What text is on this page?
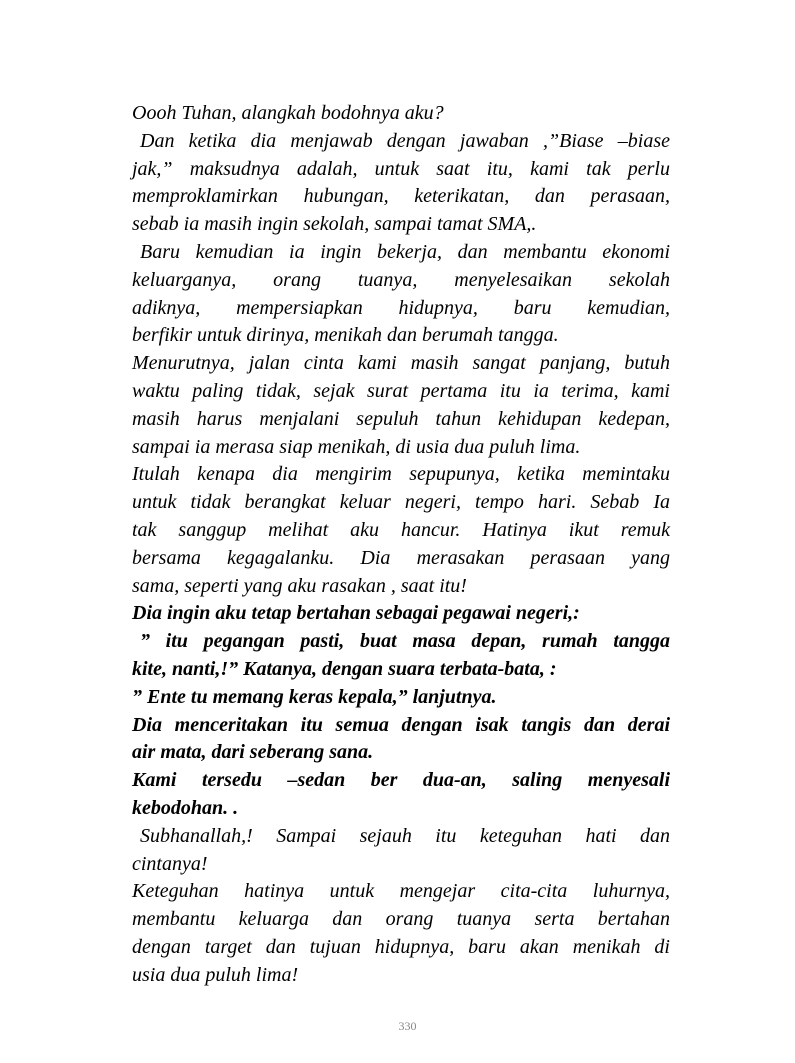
Oooh Tuhan, alangkah bodohnya aku?
Dan ketika dia menjawab dengan jawaban ,”Biase –biase
jak,” maksudnya adalah, untuk saat itu, kami tak perlu
memproklamirkan hubungan, keterikatan, dan perasaan,
sebab ia masih ingin sekolah, sampai tamat SMA,.
Baru kemudian ia ingin bekerja, dan membantu ekonomi
keluarganya, orang tuanya, menyelesaikan sekolah
adiknya, mempersiapkan hidupnya, baru kemudian,
berfikir untuk dirinya, menikah dan berumah tangga.
Menurutnya, jalan cinta kami masih sangat panjang, butuh
waktu paling tidak, sejak surat pertama itu ia terima, kami
masih harus menjalani sepuluh tahun kehidupan kedepan,
sampai ia merasa siap menikah, di usia dua puluh lima.
Itulah kenapa dia mengirim sepupunya, ketika memintaku
untuk tidak berangkat keluar negeri, tempo hari. Sebab Ia
tak sanggup melihat aku hancur. Hatinya ikut remuk
bersama kegagalanku. Dia merasakan perasaan yang
sama, seperti yang aku rasakan , saat itu!
Dia ingin aku tetap bertahan sebagai pegawai negeri,:
” itu pegangan pasti, buat masa depan, rumah tangga
kite, nanti,!” Katanya, dengan suara terbata-bata, :
” Ente tu memang keras kepala,” lanjutnya.
Dia menceritakan itu semua dengan isak tangis dan derai
air mata, dari seberang sana.
Kami tersedu –sedan ber dua-an, saling menyesali
kebodohan. .
Subhanallah,! Sampai sejauh itu keteguhan hati dan
cintanya!
Keteguhan hatinya untuk mengejar cita-cita luhurnya,
membantu keluarga dan orang tuanya serta bertahan
dengan target dan tujuan hidupnya, baru akan menikah di
usia dua puluh lima!
330
